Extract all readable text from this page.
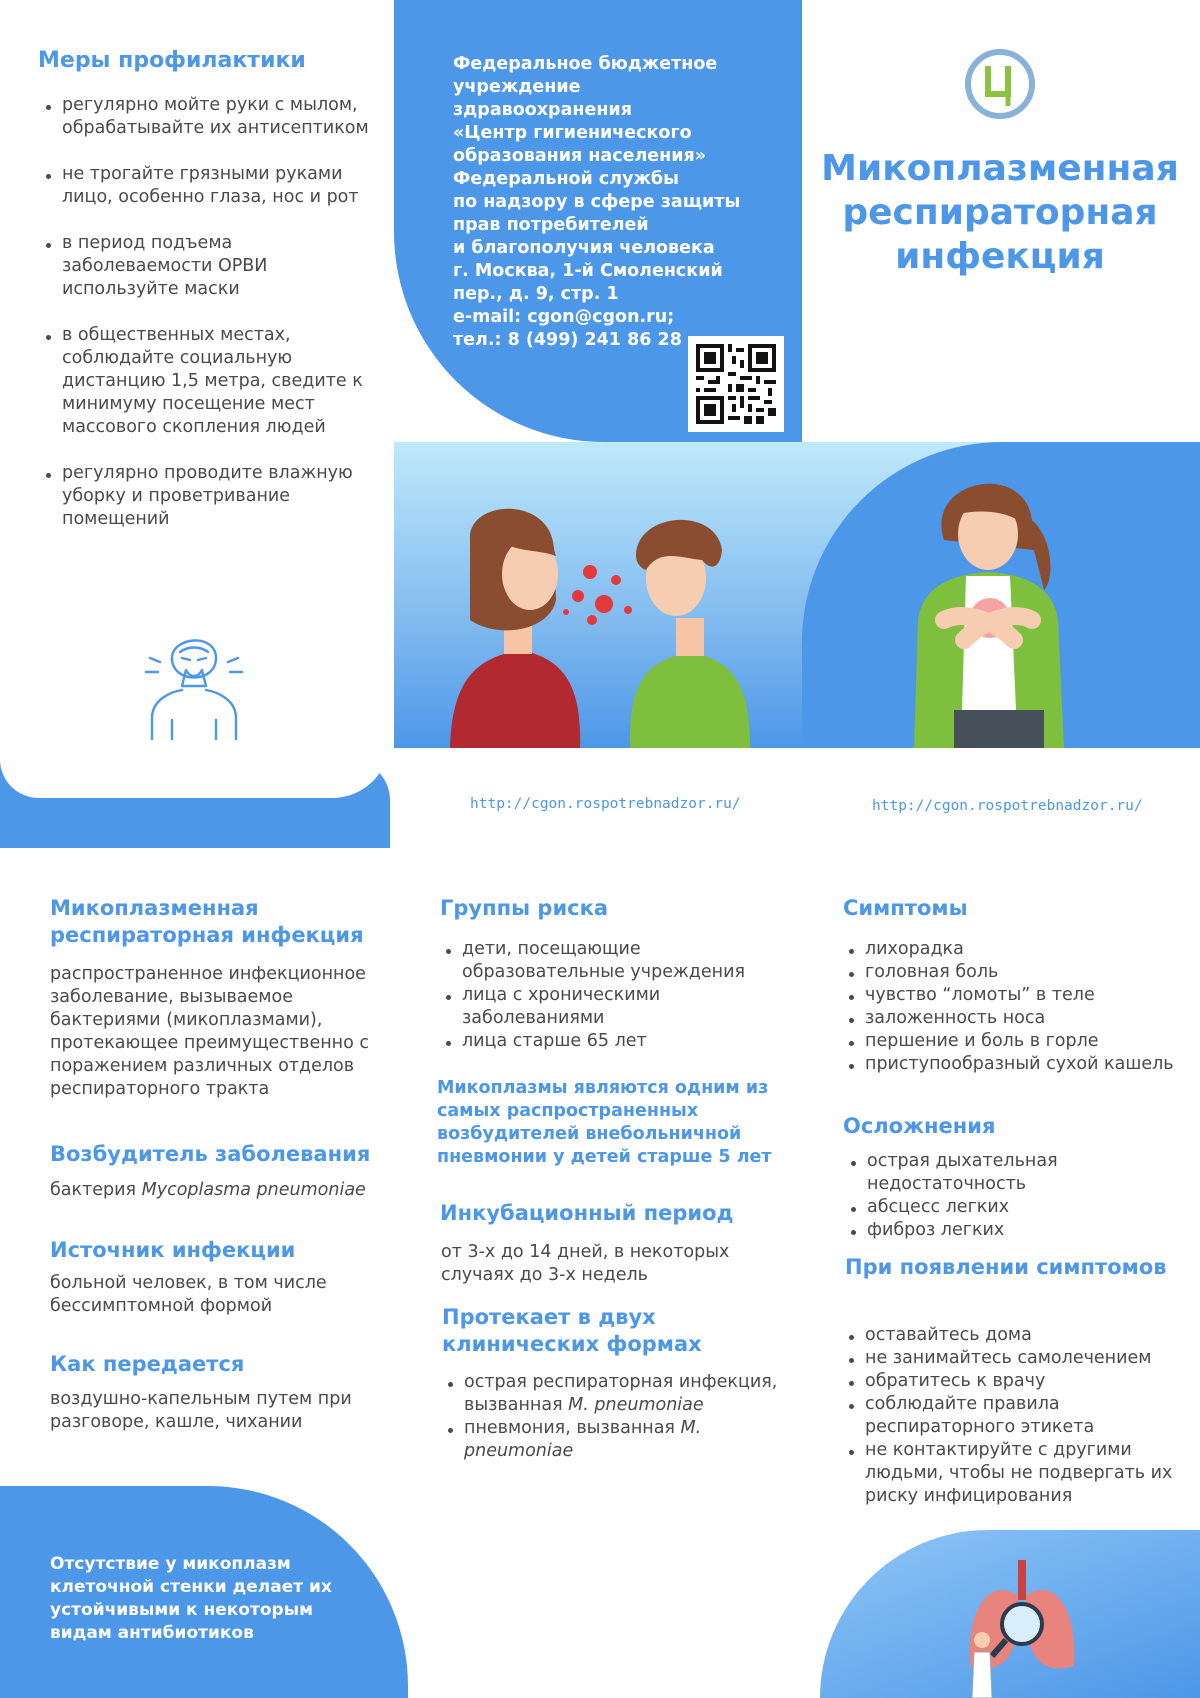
Меры профилактики
регулярно мойте руки с мылом, обрабатывайте их антисептиком
не трогайте грязными руками лицо, особенно глаза, нос и рот
в период подъема заболеваемости ОРВИ используйте маски
в общественных местах, соблюдайте социальную дистанцию 1,5 метра, сведите к минимуму посещение мест массового скопления людей
регулярно проводите влажную уборку и проветривание помещений
Федеральное бюджетное
учреждение
здравоохранения
«Центр гигиенического
образования населения»
Федеральной службы
по надзору в сфере защиты
прав потребителей
и благополучия человека
г. Москва, 1-й Смоленский
пер., д. 9, стр. 1
e-mail: cgon@cgon.ru;
тел.: 8 (499) 241 86 28
Микоплазменная респираторная инфекция
http://cgon.rospotrebnadzor.ru/	http://cgon.rospotrebnadzor.ru/
Микоплазменная респираторная инфекция
распространенное инфекционное заболевание, вызываемое бактериями (микоплазмами), протекающее преимущественно с поражением различных отделов респираторного тракта
Возбудитель заболевания
бактерия Mycoplasma pneumoniae
Источник инфекции
больной человек, в том числе бессимптомной формой
Как передается
воздушно-капельным путем при разговоре, кашле, чихании
Отсутствие у микоплазм клеточной стенки делает их устойчивыми к некоторым видам антибиотиков
Группы риска
дети, посещающие образовательные учреждения
лица с хроническими заболеваниями
лица старше 65 лет
Микоплазмы являются одним из самых распространенных возбудителей внебольничной пневмонии у детей старше 5 лет
Инкубационный период
от 3-х до 14 дней, в некоторых случаях до 3-х недель
Протекает в двух клинических формах
острая респираторная инфекция, вызванная M. pneumoniae
пневмония, вызванная M. pneumoniae
Симптомы
лихорадка
головная боль
чувство “ломоты” в теле
заложенность носа
першение и боль в горле
приступообразный сухой кашель
Осложнения
острая дыхательная недостаточность
абсцесс легких
фиброз легких
При появлении симптомов
оставайтесь дома
не занимайтесь самолечением
обратитесь к врачу
соблюдайте правила респираторного этикета
не контактируйте с другими людьми, чтобы не подвергать их риску инфицирования
